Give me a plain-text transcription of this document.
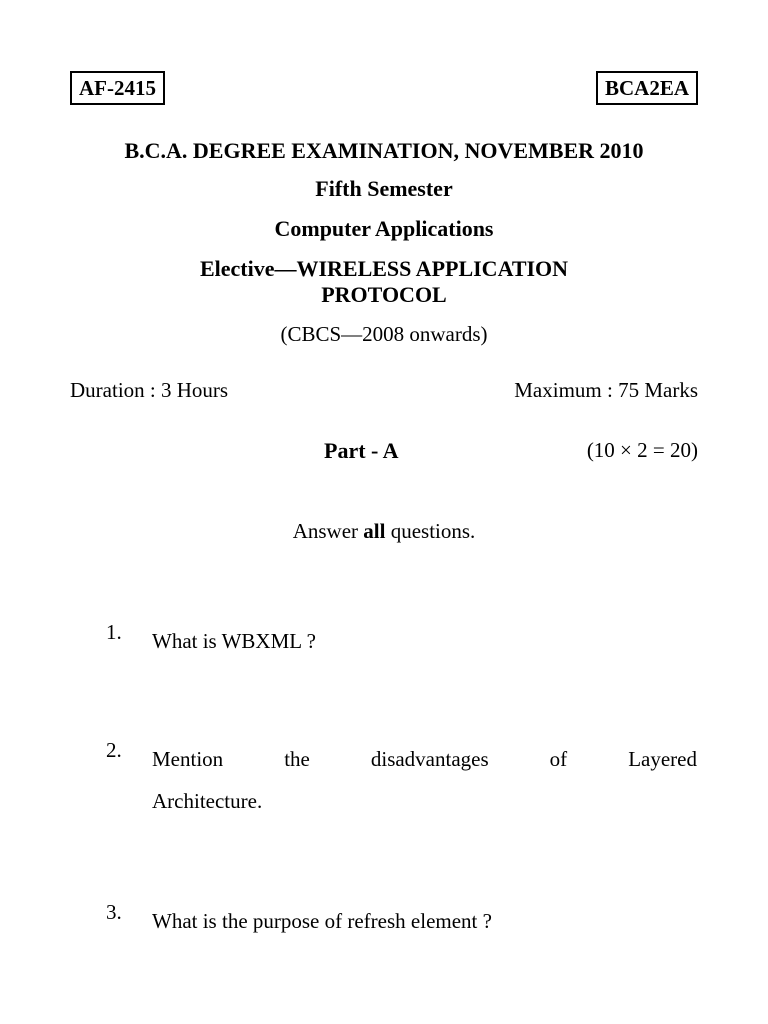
AF-2415	BCA2EA
B.C.A. DEGREE EXAMINATION, NOVEMBER 2010
Fifth Semester
Computer Applications
Elective—WIRELESS APPLICATION
PROTOCOL
(CBCS—2008 onwards)
Duration : 3 Hours	Maximum : 75 Marks
Part - A	(10 × 2 = 20)
Answer all questions.
1. What is WBXML ?
2. Mention	the	disadvantages	of	Layered
Architecture.
3. What is the purpose of refresh element ?
